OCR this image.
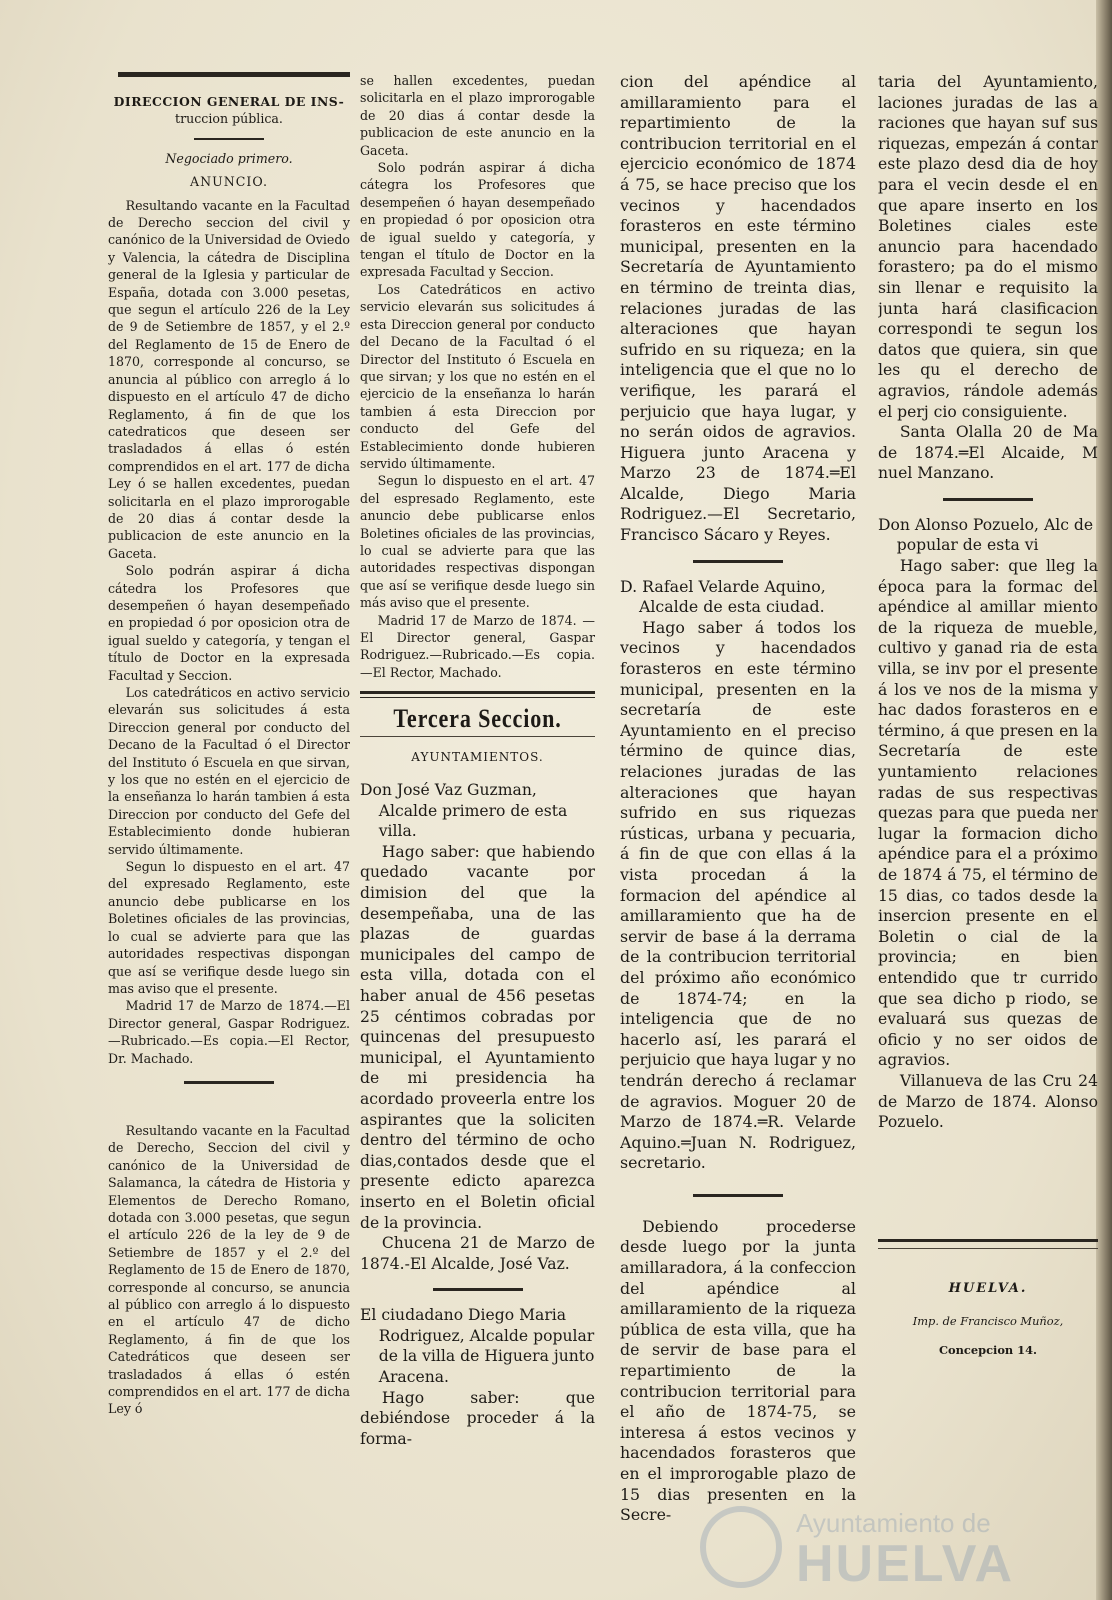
DIRECCION GENERAL DE INS-

truccion pública.

Negociado primero.

ANUNCIO.

Resultando vacante en la Facultad de Derecho seccion del civil y canónico de la Universidad de Oviedo y Valencia, la cátedra de Disciplina general de la Iglesia y particular de España, dotada con 3.000 pesetas, que segun el artículo 226 de la Ley de 9 de Setiembre de 1857, y el 2.º del Reglamento de 15 de Enero de 1870, corresponde al concurso, se anuncia al público con arreglo á lo dispuesto en el artículo 47 de dicho Reglamento, á fin de que los catedraticos que deseen ser trasladados á ellas ó estén comprendidos en el art. 177 de dicha Ley ó se hallen excedentes, puedan solicitarla en el plazo improrogable de 20 dias á contar desde la publicacion de este anuncio en la Gaceta.

Solo podrán aspirar á dicha cátedra los Profesores que desempeñen ó hayan desempeñado en propiedad ó por oposicion otra de igual sueldo y categoría, y tengan el título de Doctor en la expresada Facultad y Seccion.

Los catedráticos en activo servicio elevarán sus solicitudes á esta Direccion general por conducto del Decano de la Facultad ó el Director del Instituto ó Escuela en que sirvan, y los que no estén en el ejercicio de la enseñanza lo harán tambien á esta Direccion por conducto del Gefe del Establecimiento donde hubieran servido últimamente.

Segun lo dispuesto en el art. 47 del expresado Reglamento, este anuncio debe publicarse en los Boletines oficiales de las provincias, lo cual se advierte para que las autoridades respectivas dispongan que así se verifique desde luego sin mas aviso que el presente.

Madrid 17 de Marzo de 1874.—El Director general, Gaspar Rodriguez.—Rubricado.—Es copia.—El Rector, Dr. Machado.

Resultando vacante en la Facultad de Derecho, Seccion del civil y canónico de la Universidad de Salamanca, la cátedra de Historia y Elementos de Derecho Romano, dotada con 3.000 pesetas, que segun el artículo 226 de la ley de 9 de Setiembre de 1857 y el 2.º del Reglamento de 15 de Enero de 1870, corresponde al concurso, se anuncia al público con arreglo á lo dispuesto en el artículo 47 de dicho Reglamento, á fin de que los Catedráticos que deseen ser trasladados á ellas ó estén comprendidos en el art. 177 de dicha Ley ó

se hallen excedentes, puedan solicitarla en el plazo improrogable de 20 dias á contar desde la publicacion de este anuncio en la Gaceta.

Solo podrán aspirar á dicha cátegra los Profesores que desempeñen ó hayan desempeñado en propiedad ó por oposicion otra de igual sueldo y categoría, y tengan el título de Doctor en la expresada Facultad y Seccion.

Los Catedráticos en activo servicio elevarán sus solicitudes á esta Direccion general por conducto del Decano de la Facultad ó el Director del Instituto ó Escuela en que sirvan; y los que no estén en el ejercicio de la enseñanza lo harán tambien á esta Direccion por conducto del Gefe del Establecimiento donde hubieren servido últimamente.

Segun lo dispuesto en el art. 47 del espresado Reglamento, este anuncio debe publicarse enlos Boletines oficiales de las provincias, lo cual se advierte para que las autoridades respectivas dispongan que así se verifique desde luego sin más aviso que el presente.

Madrid 17 de Marzo de 1874. —El Director general, Gaspar Rodriguez.—Rubricado.—Es copia. —El Rector, Machado.

Tercera Seccion.

AYUNTAMIENTOS.

Don José Vaz Guzman, Alcalde primero de esta villa.

Hago saber: que habiendo quedado vacante por dimision del que la desempeñaba, una de las plazas de guardas municipales del campo de esta villa, dotada con el haber anual de 456 pesetas 25 céntimos cobradas por quincenas del presupuesto municipal, el Ayuntamiento de mi presidencia ha acordado proveerla entre los aspirantes que la soliciten dentro del término de ocho dias,contados desde que el presente edicto aparezca inserto en el Boletin oficial de la provincia.

Chucena 21 de Marzo de 1874.-El Alcalde, José Vaz.

El ciudadano Diego Maria Rodriguez, Alcalde popular de la villa de Higuera junto Aracena.

Hago saber: que debiéndose proceder á la forma-

cion del apéndice al amillaramiento para el repartimiento de la contribucion territorial en el ejercicio económico de 1874 á 75, se hace preciso que los vecinos y hacendados forasteros en este término municipal, presenten en la Secretaría de Ayuntamiento en término de treinta dias, relaciones juradas de las alteraciones que hayan sufrido en su riqueza; en la inteligencia que el que no lo verifique, les parará el perjuicio que haya lugar, y no serán oidos de agravios. Higuera junto Aracena y Marzo 23 de 1874.═El Alcalde, Diego Maria Rodriguez.—El Secretario, Francisco Sácaro y Reyes.

D. Rafael Velarde Aquino, Alcalde de esta ciudad.

Hago saber á todos los vecinos y hacendados forasteros en este término municipal, presenten en la secretaría de este Ayuntamiento en el preciso término de quince dias, relaciones juradas de las alteraciones que hayan sufrido en sus riquezas rústicas, urbana y pecuaria, á fin de que con ellas á la vista procedan á la formacion del apéndice al amillaramiento que ha de servir de base á la derrama de la contribucion territorial del próximo año económico de 1874-74; en la inteligencia que de no hacerlo así, les parará el perjuicio que haya lugar y no tendrán derecho á reclamar de agravios. Moguer 20 de Marzo de 1874.═R. Velarde Aquino.═Juan N. Rodriguez, secretario.

Debiendo procederse desde luego por la junta amillaradora, á la confeccion del apéndice al amillaramiento de la riqueza pública de esta villa, que ha de servir de base para el repartimiento de la contribucion territorial para el año de 1874-75, se interesa á estos vecinos y hacendados forasteros que en el improrogable plazo de 15 dias presenten en la Secre-

taria del Ayuntamiento, laciones juradas de las a raciones que hayan suf sus riquezas, empezán á contar este plazo desd dia de hoy para el vecin desde el en que apare inserto en los Boletines ciales este anuncio para hacendado forastero; pa do el mismo sin llenar e requisito la junta hará clasificacion correspondi te segun los datos que quiera, sin que les qu el derecho de agravios, rándole además el perj cio consiguiente.

Santa Olalla 20 de Ma de 1874.═El Alcaide, M nuel Manzano.

Don Alonso Pozuelo, Alc de popular de esta vi

Hago saber: que lleg la época para la formac del apéndice al amillar miento de la riqueza de mueble, cultivo y ganad ria de esta villa, se inv por el presente á los ve nos de la misma y hac dados forasteros en e término, á que presen en la Secretaría de este yuntamiento relaciones radas de sus respectivas quezas para que pueda ner lugar la formacion dicho apéndice para el a próximo de 1874 á 75, el término de 15 dias, co tados desde la insercion presente en el Boletin o cial de la provincia; en bien entendido que tr currido que sea dicho p riodo, se evaluará sus quezas de oficio y no ser oidos de agravios.

Villanueva de las Cru 24 de Marzo de 1874. Alonso Pozuelo.

HUELVA.

Imp. de Francisco Muñoz,

Concepcion 14.

Ayuntamiento de
HUELVA
